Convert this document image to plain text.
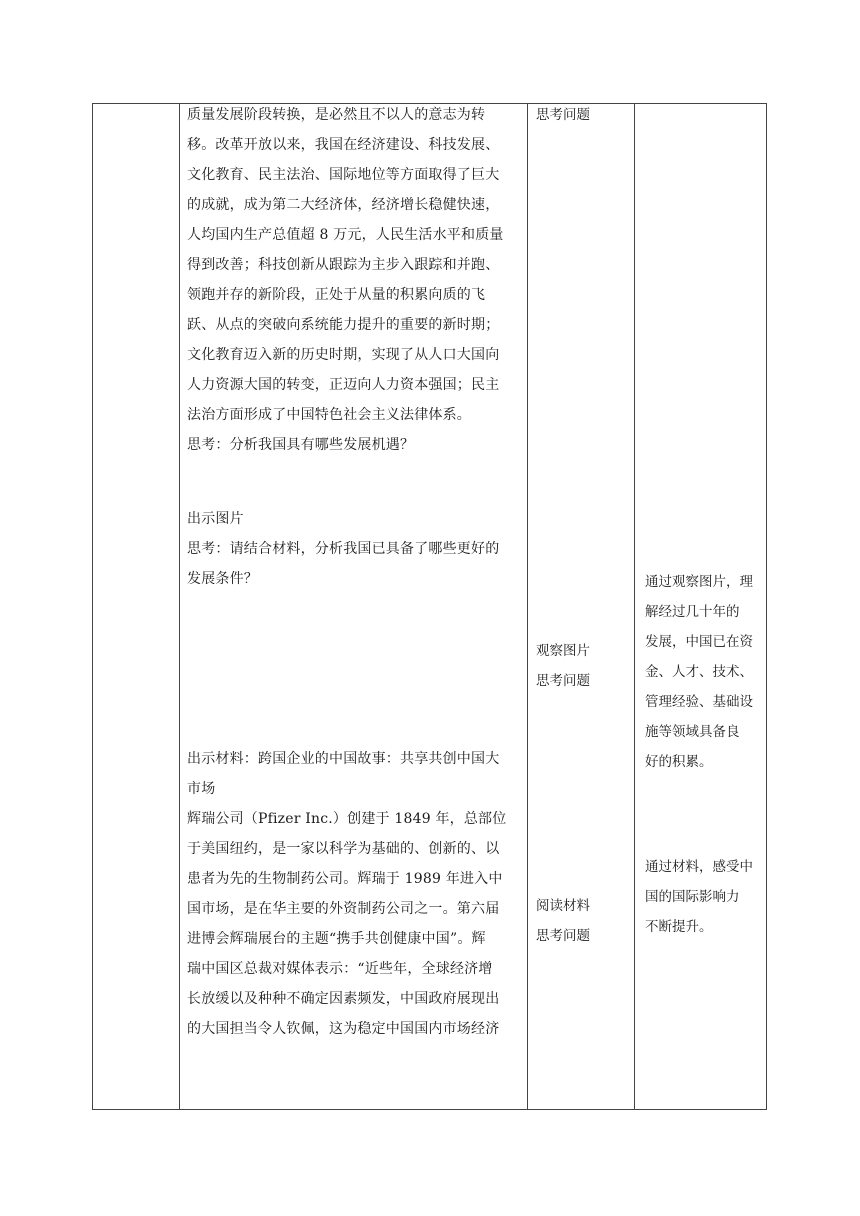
质量发展阶段转换，是必然且不以人的意志为转

移。改革开放以来，我国在经济建设、科技发展、

文化教育、民主法治、国际地位等方面取得了巨大

的成就，成为第二大经济体，经济增长稳健快速，

人均国内生产总值超 8 万元，人民生活水平和质量

得到改善；科技创新从跟踪为主步入跟踪和并跑、

领跑并存的新阶段，正处于从量的积累向质的飞

跃、从点的突破向系统能力提升的重要的新时期；

文化教育迈入新的历史时期，实现了从人口大国向

人力资源大国的转变，正迈向人力资本强国；民主

法治方面形成了中国特色社会主义法律体系。

思考：分析我国具有哪些发展机遇？

出示图片

思考：请结合材料，分析我国已具备了哪些更好的

发展条件？

出示材料：跨国企业的中国故事：共享共创中国大

市场

辉瑞公司（Pfizer Inc.）创建于 1849 年，总部位

于美国纽约，是一家以科学为基础的、创新的、以

患者为先的生物制药公司。辉瑞于 1989 年进入中

国市场，是在华主要的外资制药公司之一。第六届

进博会辉瑞展台的主题“携手共创健康中国”。辉

瑞中国区总裁对媒体表示：“近些年，全球经济增

长放缓以及种种不确定因素频发，中国政府展现出

的大国担当令人钦佩，这为稳定中国国内市场经济

思考问题

观察图片

思考问题

阅读材料

思考问题

通过观察图片，理

解经过几十年的

发展，中国已在资

金、人才、技术、

管理经验、基础设

施等领域具备良

好的积累。

通过材料，感受中

国的国际影响力

不断提升。
